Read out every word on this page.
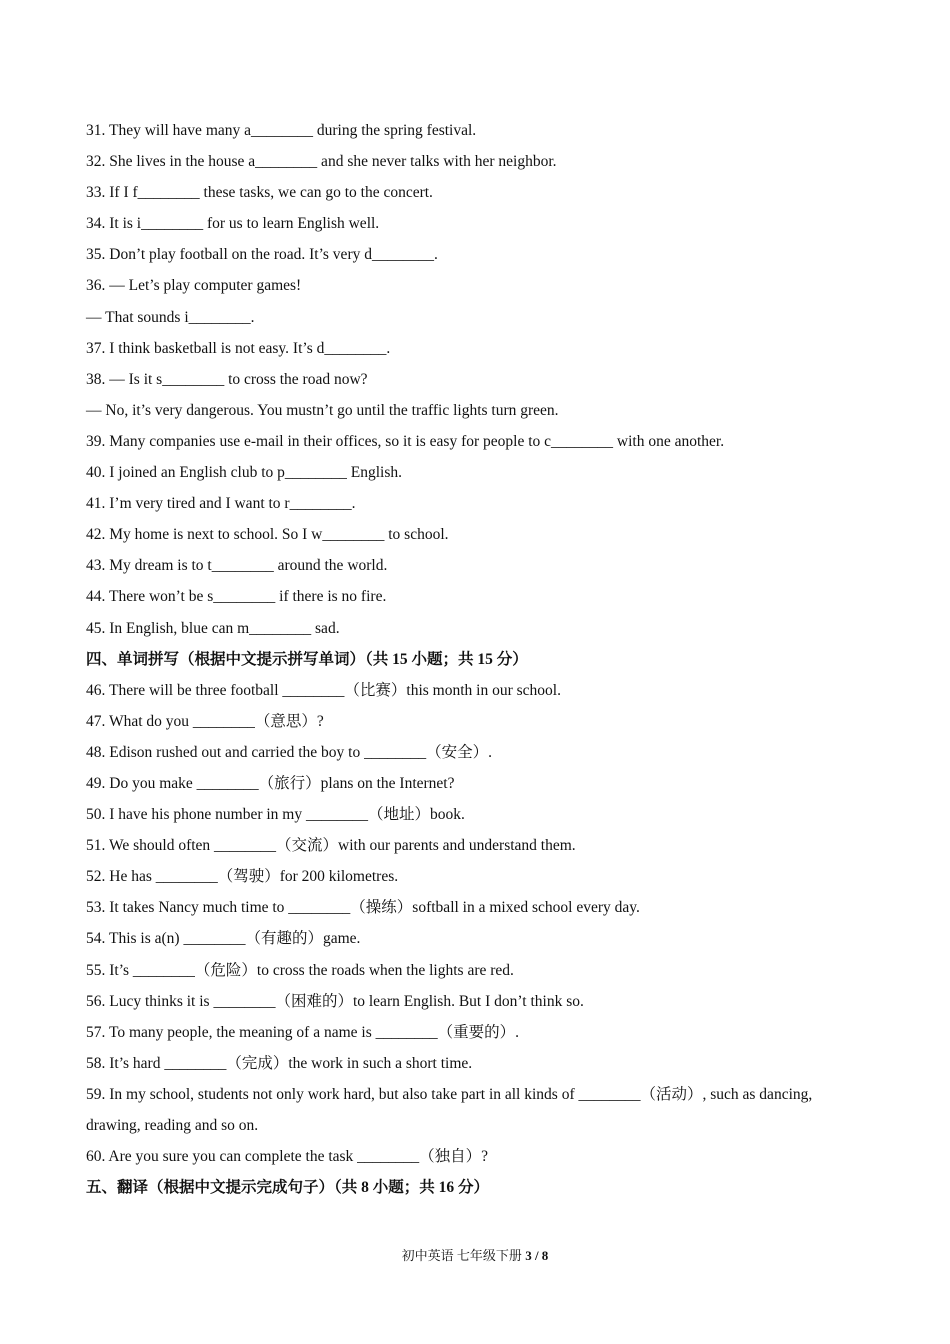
31. They will have many a________ during the spring festival.
32. She lives in the house a________ and she never talks with her neighbor.
33. If I f________ these tasks, we can go to the concert.
34. It is i________ for us to learn English well.
35. Don’t play football on the road. It’s very d________.
36. — Let’s play computer games!
— That sounds i________.
37. I think basketball is not easy. It’s d________.
38. — Is it s________ to cross the road now?
— No, it’s very dangerous. You mustn’t go until the traffic lights turn green.
39. Many companies use e-mail in their offices, so it is easy for people to c________ with one another.
40. I joined an English club to p________ English.
41. I’m very tired and I want to r________.
42. My home is next to school. So I w________ to school.
43. My dream is to t________ around the world.
44. There won’t be s________ if there is no fire.
45. In English, blue can m________ sad.
四、单词拼写（根据中文提示拼写单词）（共 15 小题；共 15 分）
46. There will be three football ________（比赛）this month in our school.
47. What do you ________（意思）?
48. Edison rushed out and carried the boy to ________（安全）.
49. Do you make ________（旅行）plans on the Internet?
50. I have his phone number in my ________（地址）book.
51. We should often ________（交流）with our parents and understand them.
52. He has ________（驾驶）for 200 kilometres.
53. It takes Nancy much time to ________（操练）softball in a mixed school every day.
54. This is a(n) ________（有趣的）game.
55. It’s ________（危险）to cross the roads when the lights are red.
56. Lucy thinks it is ________（困难的）to learn English. But I don’t think so.
57. To many people, the meaning of a name is ________（重要的）.
58. It’s hard ________（完成）the work in such a short time.
59. In my school, students not only work hard, but also take part in all kinds of ________（活动）, such as dancing,
drawing, reading and so on.
60. Are you sure you can complete the task ________（独自）?
五、翻译（根据中文提示完成句子）（共 8 小题；共 16 分）
初中英语 七年级下册 3 / 8
